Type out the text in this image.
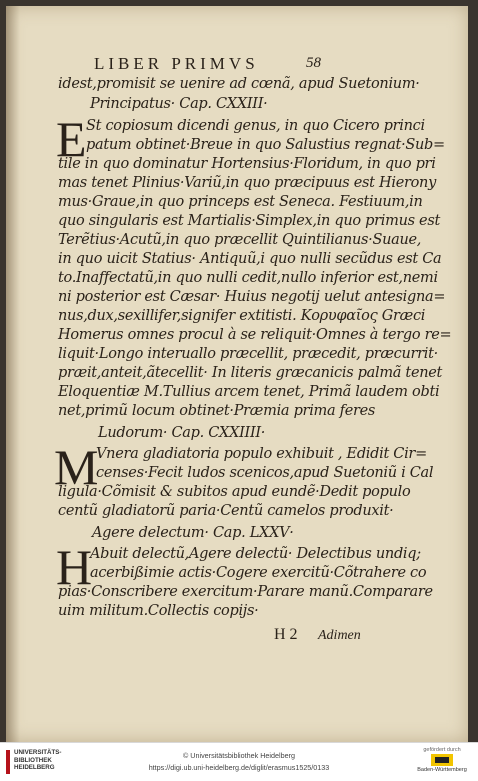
LIBER PRIMVS	58
idest,promisit se uenire ad cœnã, apud Suetonium·
Principatus· Cap. CXXIII·
E St copiosum dicendi genus, in quo Cicero princi
patum obtinet·Breue in quo Salustius regnat·Sub=
tile in quo dominatur Hortensius·Floridum, in quo pri
mas tenet Plinius·Variũ,in quo præcipuus est Hierony
mus·Graue,in quo princeps est Seneca. Festiuum,in
quo singularis est Martialis·Simplex,in quo primus est
Terẽtius·Acutũ,in quo præcellit Quintilianus·Suaue,
in quo uicit Statius· Antiquũ,i quo nulli secũdus est Ca
to.Inaffectatũ,in quo nulli cedit,nullo inferior est,nemi
ni posterior est Cæsar· Huius negotij uelut antesigna=
nus,dux,sexillifer,signifer extitisti. Κορυφαῖος Græci
Homerus omnes procul à se reliquit·Omnes à tergo re=
liquit·Longo interuallo præcellit, præcedit, præcurrit·
præit,anteit,ãtecellit· In literis græcanicis palmã tenet
Eloquentiæ M.Tullius arcem tenet, Primã laudem obti
net,primũ locum obtinet·Præmia prima feres
Ludorum· Cap. CXXIIII·
M
Vnera gladiatoria populo exhibuit , Edidit Cir=
censes·Fecit ludos scenicos,apud Suetoniũ i Cal
ligula·Cõmisit & subitos apud eundẽ·Dedit populo
centũ gladiatorũ paria·Centũ camelos produxit·
Agere delectum· Cap. LXXV·
H
Abuit delectũ,Agere delectũ· Delectibus undiq;
acerbißimie actis·Cogere exercitũ·Cõtrahere co
pias·Conscribere exercitum·Parare manũ.Comparare
uim militum.Collectis copijs·
H 2 Adimen
UNIVERSITÄTS-
BIBLIOTHEK
HEIDELBERG
© Universitätsbibliothek Heidelberg
https://digi.ub.uni-heidelberg.de/diglit/erasmus1525/0133
gefördert durch
Baden-Württemberg
